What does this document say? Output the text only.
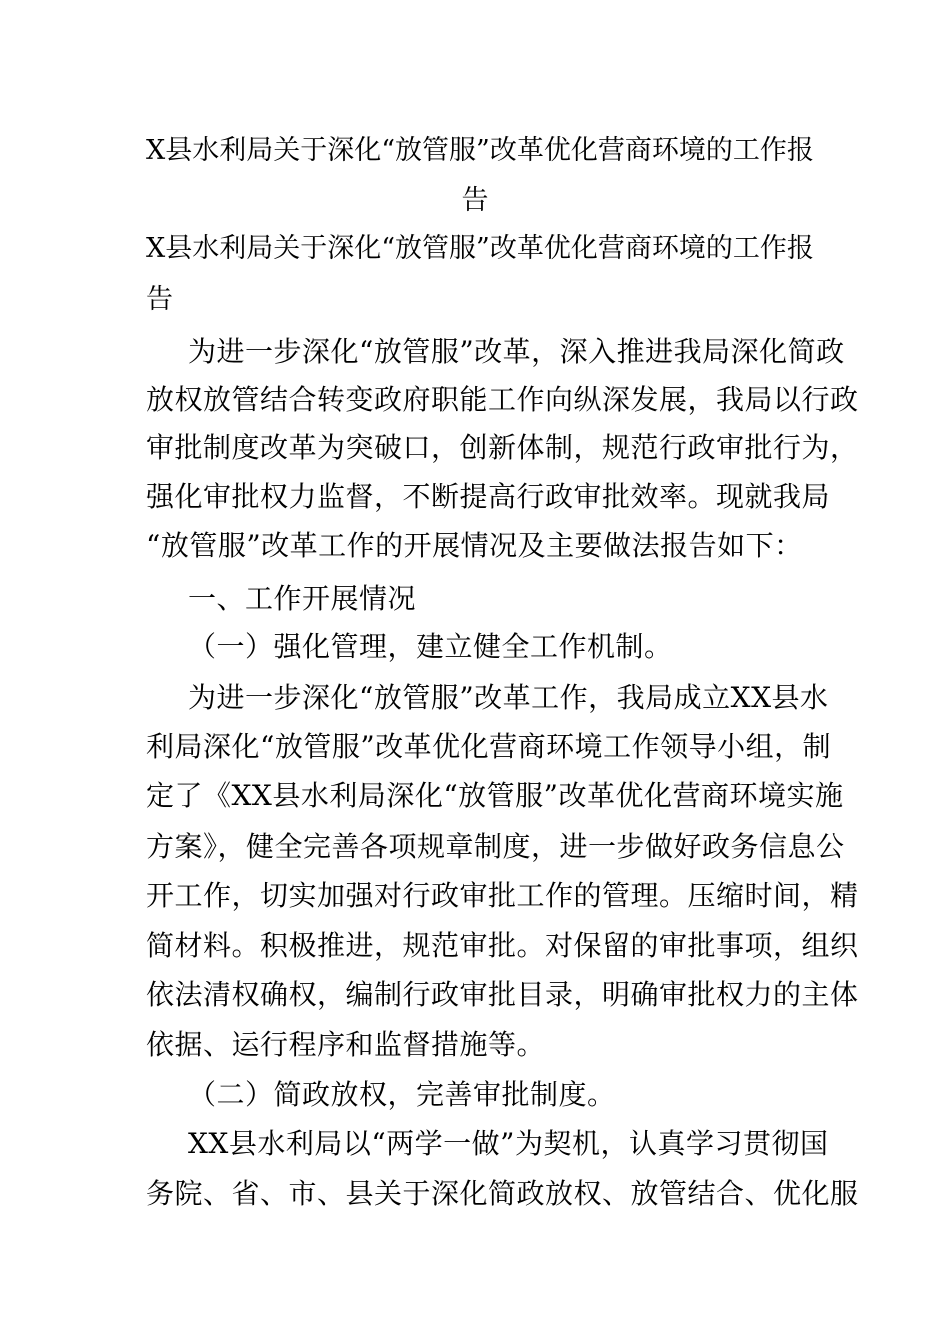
X县水利局关于深化“放管服”改革优化营商环境的工作报
告
X县水利局关于深化“放管服”改革优化营商环境的工作报
告
为进一步深化“放管服”改革，深入推进我局深化简政
放权放管结合转变政府职能工作向纵深发展，我局以行政
审批制度改革为突破口，创新体制，规范行政审批行为，
强化审批权力监督，不断提高行政审批效率。现就我局
“放管服”改革工作的开展情况及主要做法报告如下：
一、工作开展情况
（一）强化管理，建立健全工作机制。
为进一步深化“放管服”改革工作，我局成立XX县水
利局深化“放管服”改革优化营商环境工作领导小组，制
定了《XX县水利局深化“放管服”改革优化营商环境实施
方案》，健全完善各项规章制度，进一步做好政务信息公
开工作，切实加强对行政审批工作的管理。压缩时间，精
简材料。积极推进，规范审批。对保留的审批事项，组织
依法清权确权，编制行政审批目录，明确审批权力的主体
依据、运行程序和监督措施等。
（二）简政放权，完善审批制度。
XX县水利局以“两学一做”为契机，认真学习贯彻国
务院、省、市、县关于深化简政放权、放管结合、优化服
